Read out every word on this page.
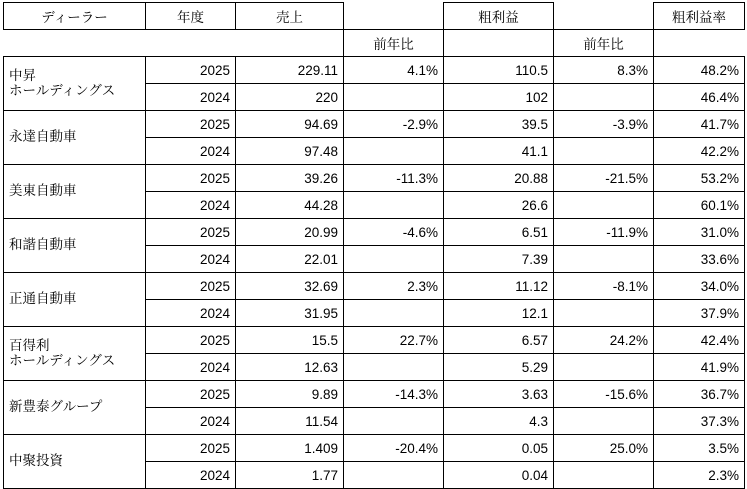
ディーラー	年度	売上		粗利益		粗利益率
			前年比		前年比	

中昇
ホールディングス	2025	229.11	4.1%	110.5	8.3%	48.2%
	2024	220		102		46.4%

永達自動車	2025	94.69	-2.9%	39.5	-3.9%	41.7%
	2024	97.48		41.1		42.2%

美東自動車	2025	39.26	-11.3%	20.88	-21.5%	53.2%
	2024	44.28		26.6		60.1%

和諧自動車	2025	20.99	-4.6%	6.51	-11.9%	31.0%
	2024	22.01		7.39		33.6%

正通自動車	2025	32.69	2.3%	11.12	-8.1%	34.0%
	2024	31.95		12.1		37.9%

百得利
ホールディングス	2025	15.5	22.7%	6.57	24.2%	42.4%
	2024	12.63		5.29		41.9%

新豊泰グループ	2025	9.89	-14.3%	3.63	-15.6%	36.7%
	2024	11.54		4.3		37.3%

中聚投資	2025	1.409	-20.4%	0.05	25.0%	3.5%
	2024	1.77		0.04		2.3%
